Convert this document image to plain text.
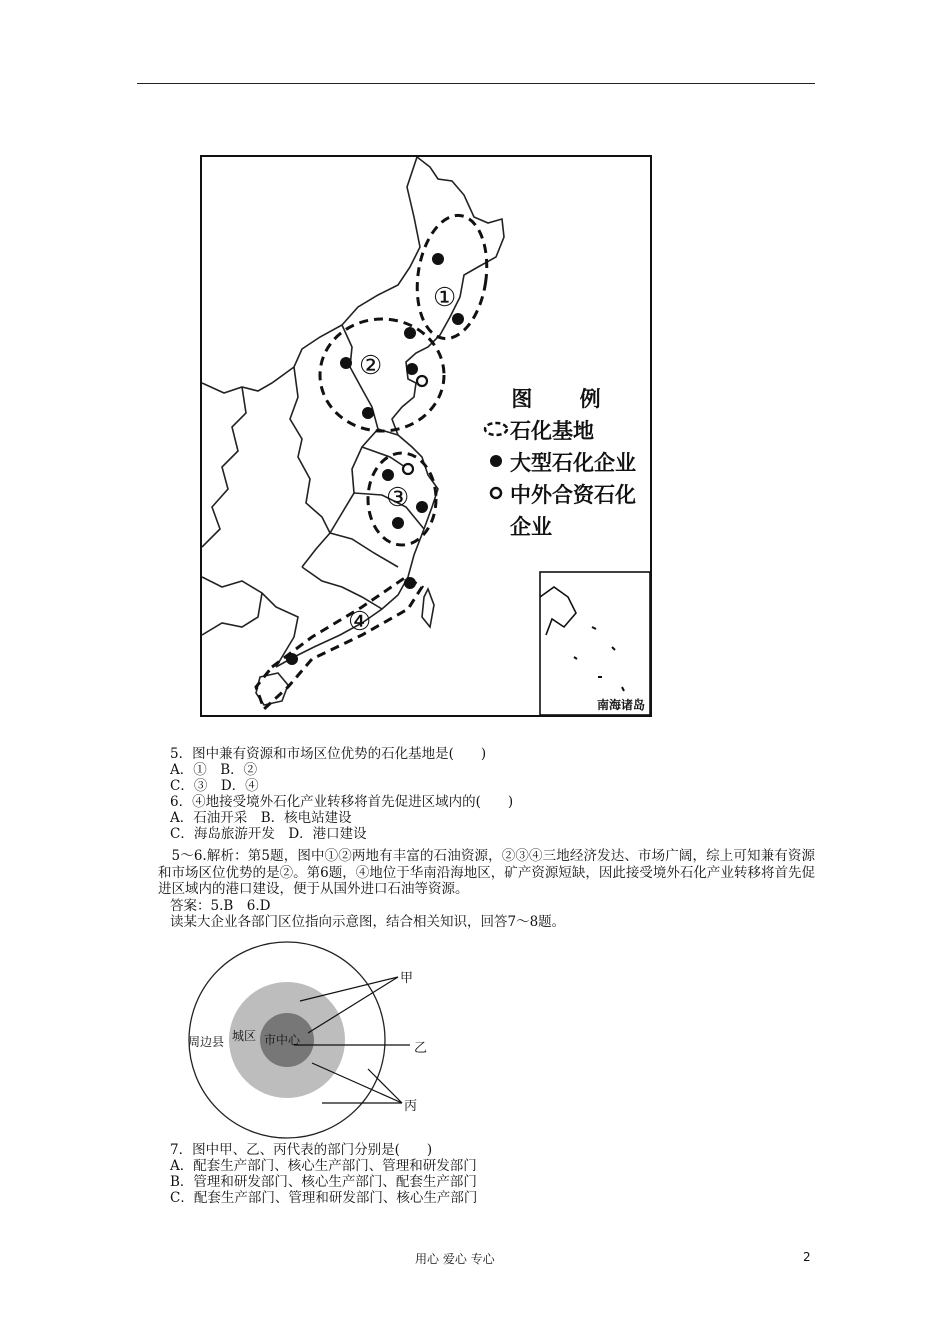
①
②
③
④
图 例
石化基地
大型石化企业
中外合资石化
企业
南海诸岛

5．图中兼有资源和市场区位优势的石化基地是(　　)

A．①　B．②

C．③　D．④

6．④地接受境外石化产业转移将首先促进区域内的(　　)

A．石油开采　B．核电站建设

C．海岛旅游开发　D．港口建设

5～6.解析：第5题，图中①②两地有丰富的石油资源，②③④三地经济发达、市场广阔，综上可知兼有资源和市场区位优势的是②。第6题，④地位于华南沿海地区，矿产资源短缺，因此接受境外石化产业转移将首先促进区域内的港口建设，便于从国外进口石油等资源。
答案：5.B　6.D
读某大企业各部门区位指向示意图，结合相关知识，回答7～8题。
周边县 城区 市中心
甲
乙
丙

7．图中甲、乙、丙代表的部门分别是(　　)

A．配套生产部门、核心生产部门、管理和研发部门

B．管理和研发部门、核心生产部门、配套生产部门

C．配套生产部门、管理和研发部门、核心生产部门

用心 爱心 专心	2
